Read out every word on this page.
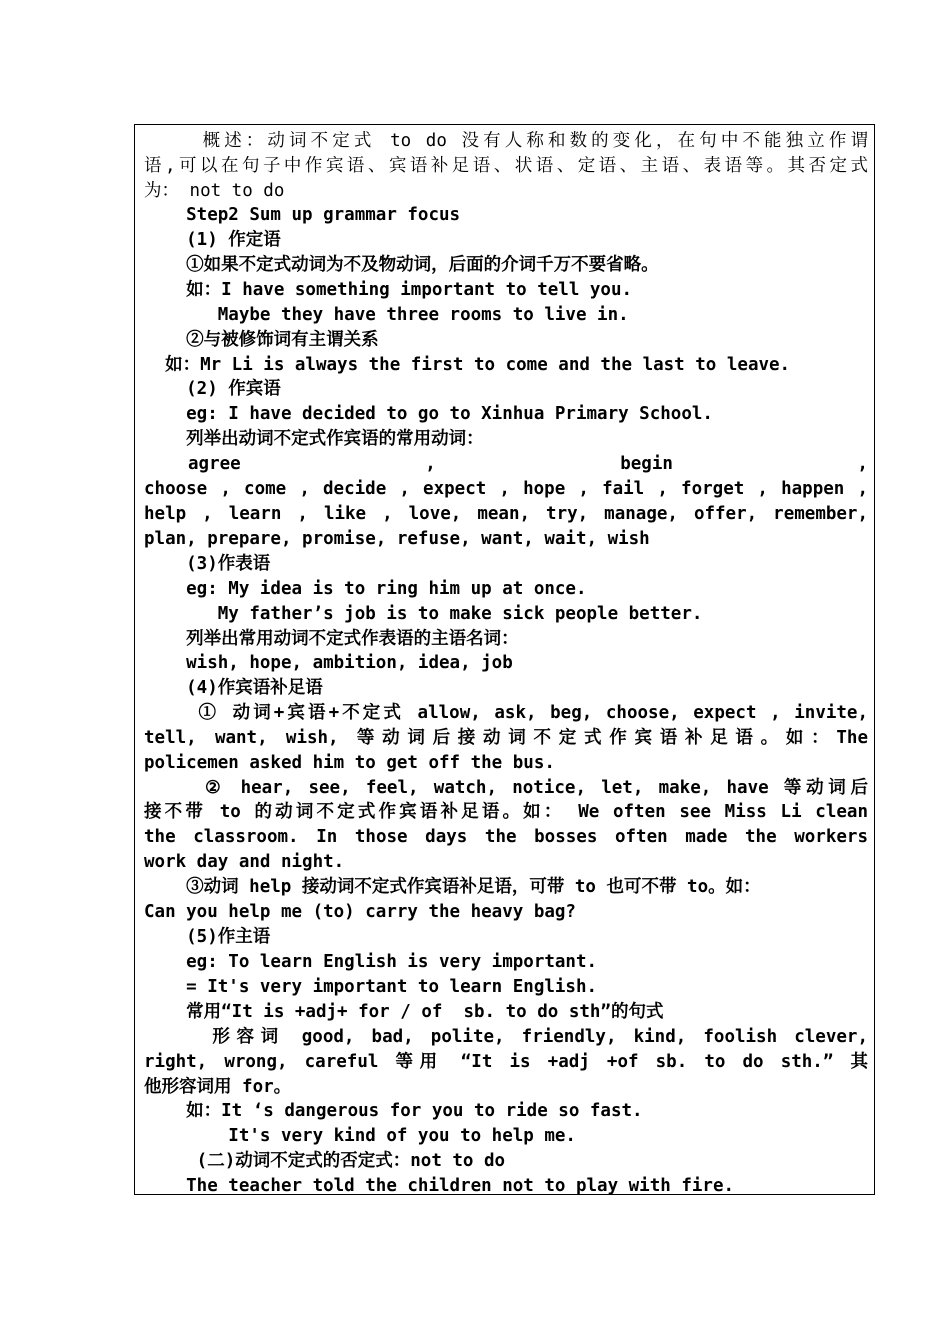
概述：动词不定式 to do 没有人称和数的变化，在句中不能独立作谓
语,可以在句子中作宾语、宾语补足语、状语、定语、主语、表语等。其否定式
为： not to do
Step2 Sum up grammar focus
(1) 作定语
①如果不定式动词为不及物动词，后面的介词千万不要省略。
如：I have something important to tell you.
Maybe they have three rooms to live in.
②与被修饰词有主谓关系
如：Mr Li is always the first to come and the last to leave.
(2) 作宾语
eg: I have decided to go to Xinhua Primary School.
列举出动词不定式作宾语的常用动词：
agree	,	begin	,
choose , come , decide , expect , hope , fail , forget , happen ,
help , learn , like , love, mean, try, manage, offer, remember,
plan, prepare, promise, refuse, want, wait, wish
(3)作表语
eg: My idea is to ring him up at once.
My father’s job is to make sick people better.
列举出常用动词不定式作表语的主语名词：
wish, hope, ambition, idea, job
(4)作宾语补足语
① 动词+宾语+不定式 allow, ask, beg, choose, expect , invite,
tell, want, wish, 等动词后接动词不定式作宾语补足语。如：The
policemen asked him to get off the bus.
② hear, see, feel, watch, notice, let, make, have 等动词后
接不带 to 的动词不定式作宾语补足语。如： We often see Miss Li clean
the classroom. In those days the bosses often made the workers
work day and night.
③动词 help 接动词不定式作宾语补足语，可带 to 也可不带 to。如：
Can you help me (to) carry the heavy bag?
(5)作主语
eg: To learn English is very important.
= It's very important to learn English.
常用“It is +adj+ for / of  sb. to do sth”的句式
形容词 good, bad, polite, friendly, kind, foolish clever,
right, wrong, careful 等用 “It is +adj +of sb. to do sth.” 其
他形容词用 for。
如：It ‘s dangerous for you to ride so fast.
It's very kind of you to help me.
(二)动词不定式的否定式：not to do
The teacher told the children not to play with fire.
